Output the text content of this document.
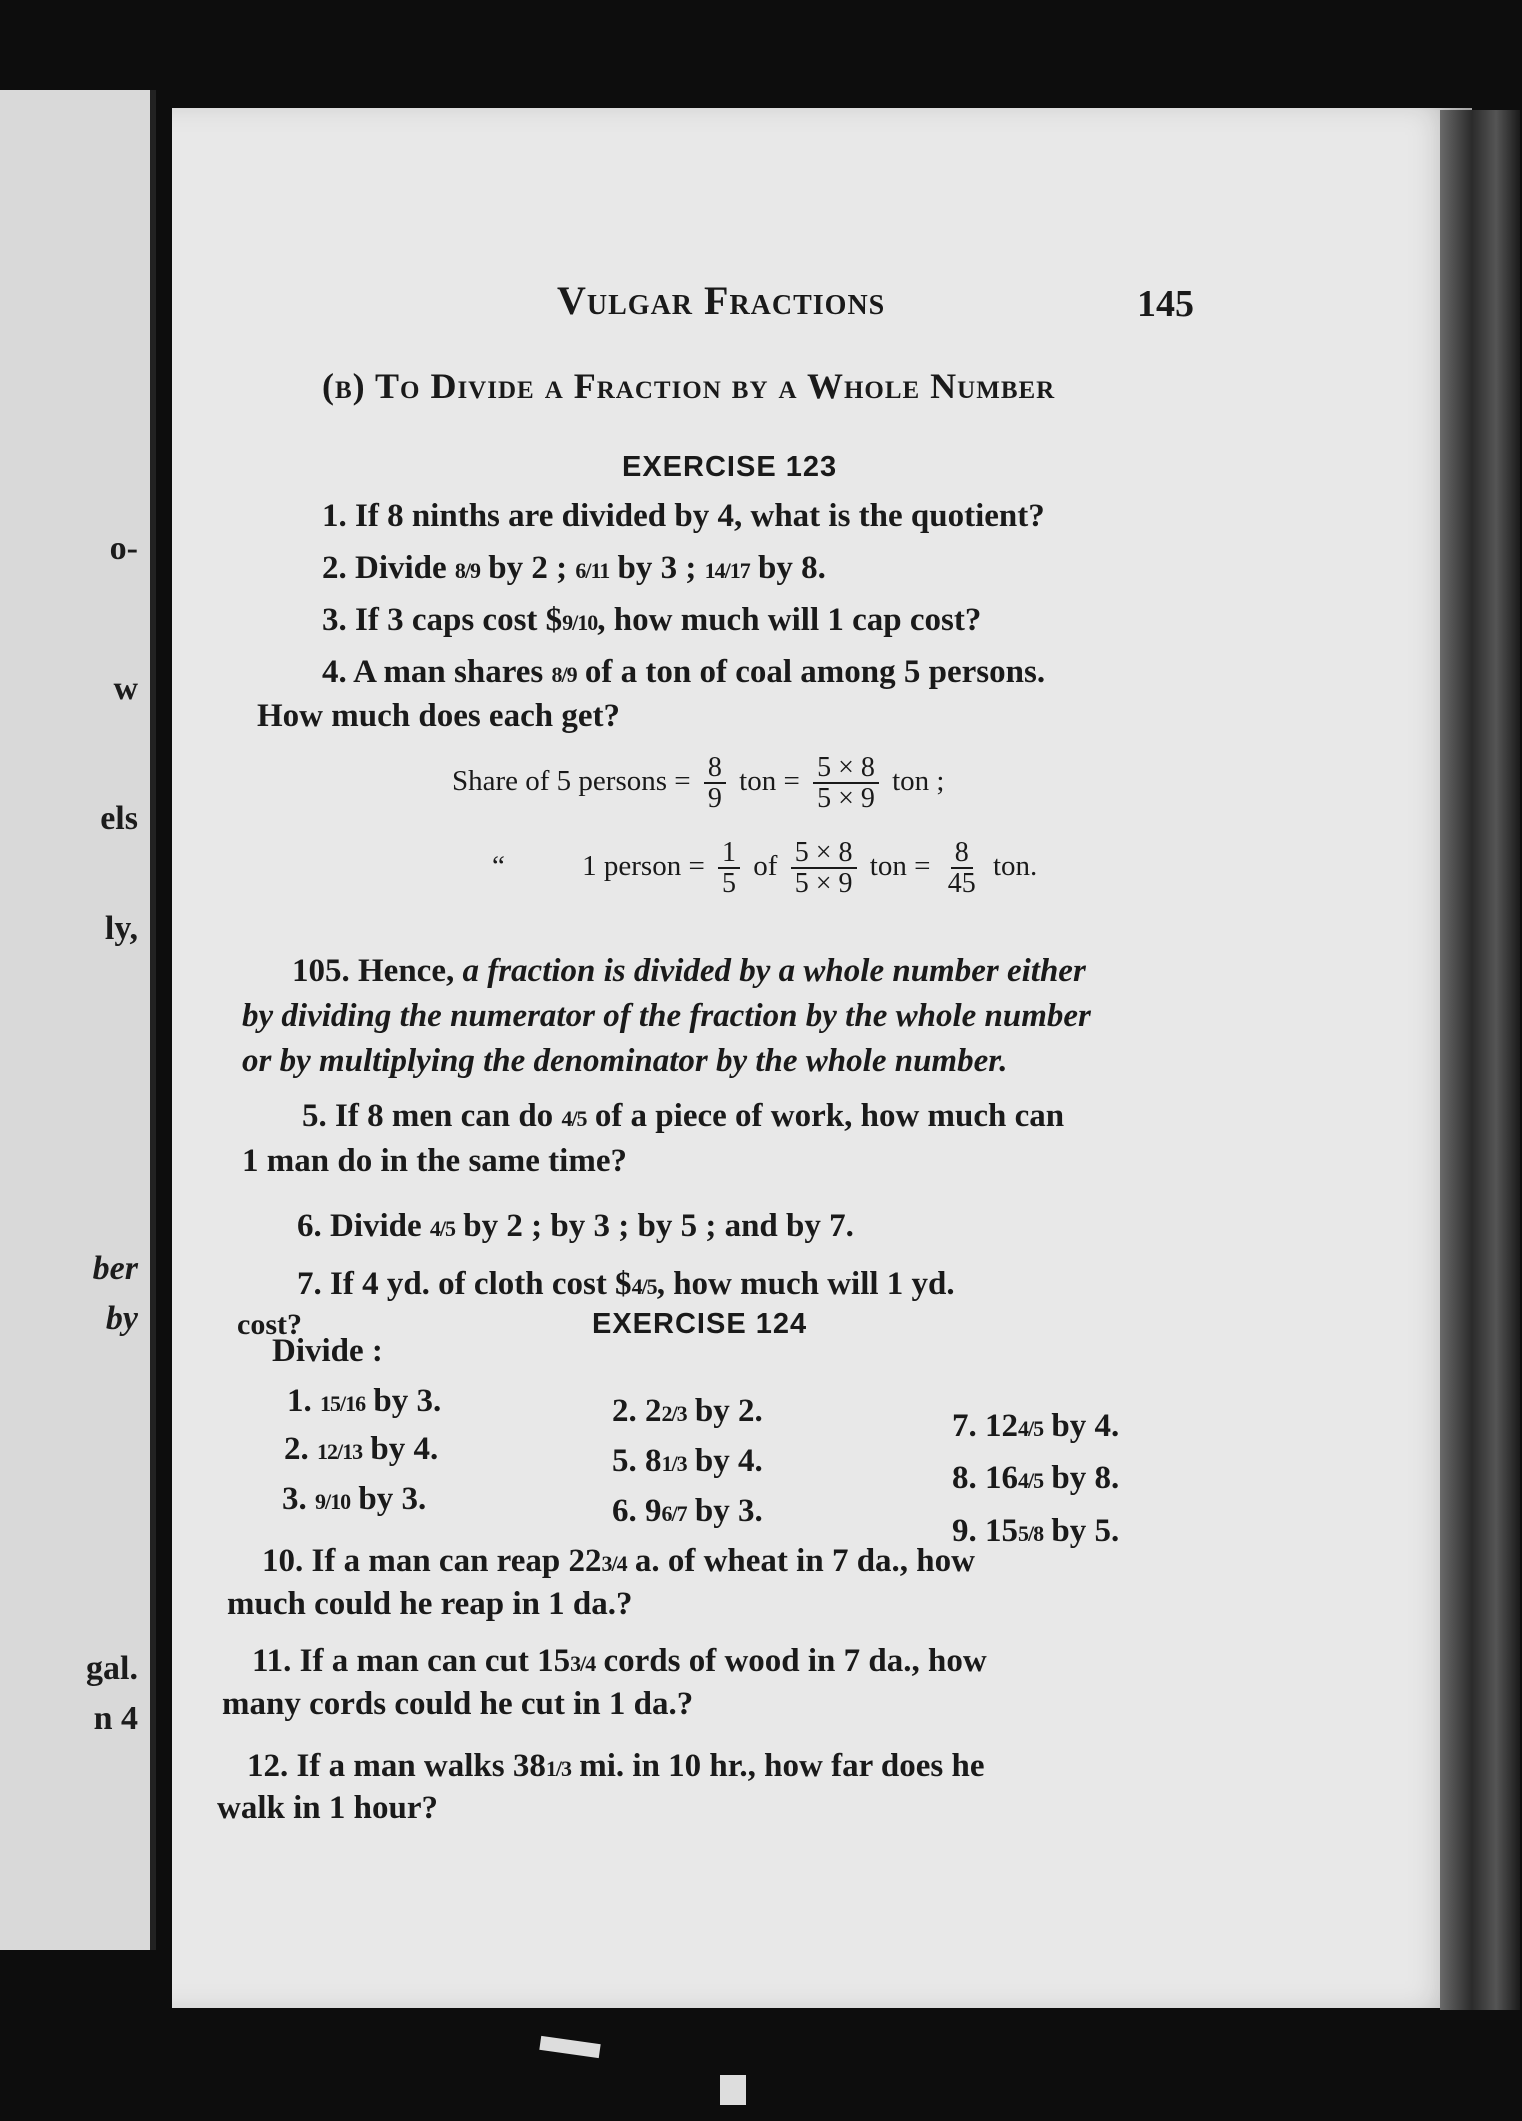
o-
w
els
ly,
ber
by
gal.
n 4
Vulgar Fractions	145
(b) To Divide a Fraction by a Whole Number
EXERCISE 123
1. If 8 ninths are divided by 4, what is the quotient?
2. Divide 8/9 by 2 ; 6/11 by 3 ; 14/17 by 8.
3. If 3 caps cost $9/10, how much will 1 cap cost?
4. A man shares 8/9 of a ton of coal among 5 persons.
How much does each get?
Share of 5 persons = $\frac{8}{9}$ ton = $\frac{5 \times 8}{5 \times 9}$ ton ;
“	1 person = $\frac{1}{5}$ of $\frac{5 \times 8}{5 \times 9}$ ton = $\frac{8}{45}$ ton.
105. Hence, a fraction is divided by a whole number either
by dividing the numerator of the fraction by the whole number
or by multiplying the denominator by the whole number.
5. If 8 men can do 4/5 of a piece of work, how much can
1 man do in the same time?
6. Divide 4/5 by 2 ; by 3 ; by 5 ; and by 7.
7. If 4 yd. of cloth cost $4/5, how much will 1 yd.
cost?	EXERCISE 124
Divide :
1. 15/16 by 3.
2. 12/13 by 4.
3. 9/10 by 3.
2. 22/3 by 2.
5. 81/3 by 4.
6. 96/7 by 3.
7. 124/5 by 4.
8. 164/5 by 8.
9. 155/8 by 5.
10. If a man can reap 223/4 a. of wheat in 7 da., how
much could he reap in 1 da.?
11. If a man can cut 153/4 cords of wood in 7 da., how
many cords could he cut in 1 da.?
12. If a man walks 381/3 mi. in 10 hr., how far does he
walk in 1 hour?
